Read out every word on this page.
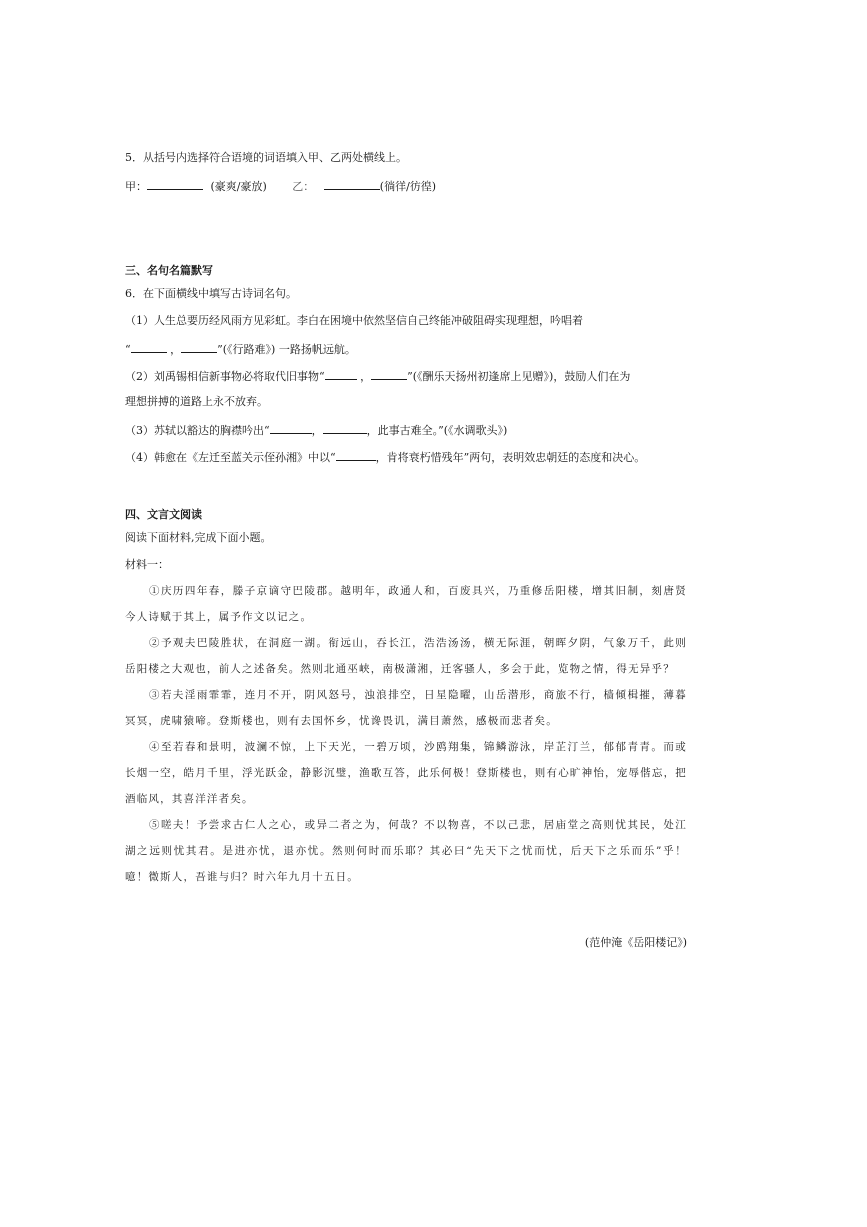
5．从括号内选择符合语境的词语填入甲、乙两处横线上。
甲：	(豪爽/豪放) 乙：	(徜徉/彷徨)
三、名句名篇默写
6．在下面横线中填写古诗词名句。
（1）人生总要历经风雨方见彩虹。李白在困境中依然坚信自己终能冲破阻碍实现理想，吟唱着
“	，	”(《行路难》) 一路扬帆远航。
（2）刘禹锡相信新事物必将取代旧事物“	，	”(《酬乐天扬州初逢席上见赠》)，鼓励人们在为
理想拼搏的道路上永不放弃。
（3）苏轼以豁达的胸襟吟出“	，	，此事古难全。”(《水调歌头》)
（4）韩愈在《左迁至蓝关示侄孙湘》中以“	，肯将衰朽惜残年”两句，表明效忠朝廷的态度和决心。
四、文言文阅读
阅读下面材料,完成下面小题。
材料一：

①庆历四年春，滕子京谪守巴陵郡。越明年，政通人和，百废具兴，乃重修岳阳楼，增其旧制，刻唐贤今人诗赋于其上，属予作文以记之。

②予观夫巴陵胜状，在洞庭一湖。衔远山，吞长江，浩浩汤汤，横无际涯，朝晖夕阴，气象万千，此则岳阳楼之大观也，前人之述备矣。然则北通巫峡，南极潇湘，迁客骚人，多会于此，览物之情，得无异乎？

③若夫淫雨霏霏，连月不开，阴风怒号，浊浪排空，日星隐曜，山岳潜形，商旅不行，樯倾楫摧，薄暮冥冥，虎啸猿啼。登斯楼也，则有去国怀乡，忧谗畏讥，满目萧然，感极而悲者矣。

④至若春和景明，波澜不惊，上下天光，一碧万顷，沙鸥翔集，锦鳞游泳，岸芷汀兰，郁郁青青。而或长烟一空，皓月千里，浮光跃金，静影沉璧，渔歌互答，此乐何极！登斯楼也，则有心旷神怡，宠辱偕忘，把酒临风，其喜洋洋者矣。

⑤嗟夫！予尝求古仁人之心，或异二者之为，何哉？不以物喜，不以己悲，居庙堂之高则忧其民，处江湖之远则忧其君。是进亦忧，退亦忧。然则何时而乐耶？其必曰“先天下之忧而忧，后天下之乐而乐”乎！噫！微斯人，吾谁与归？时六年九月十五日。

(范仲淹《岳阳楼记》)
